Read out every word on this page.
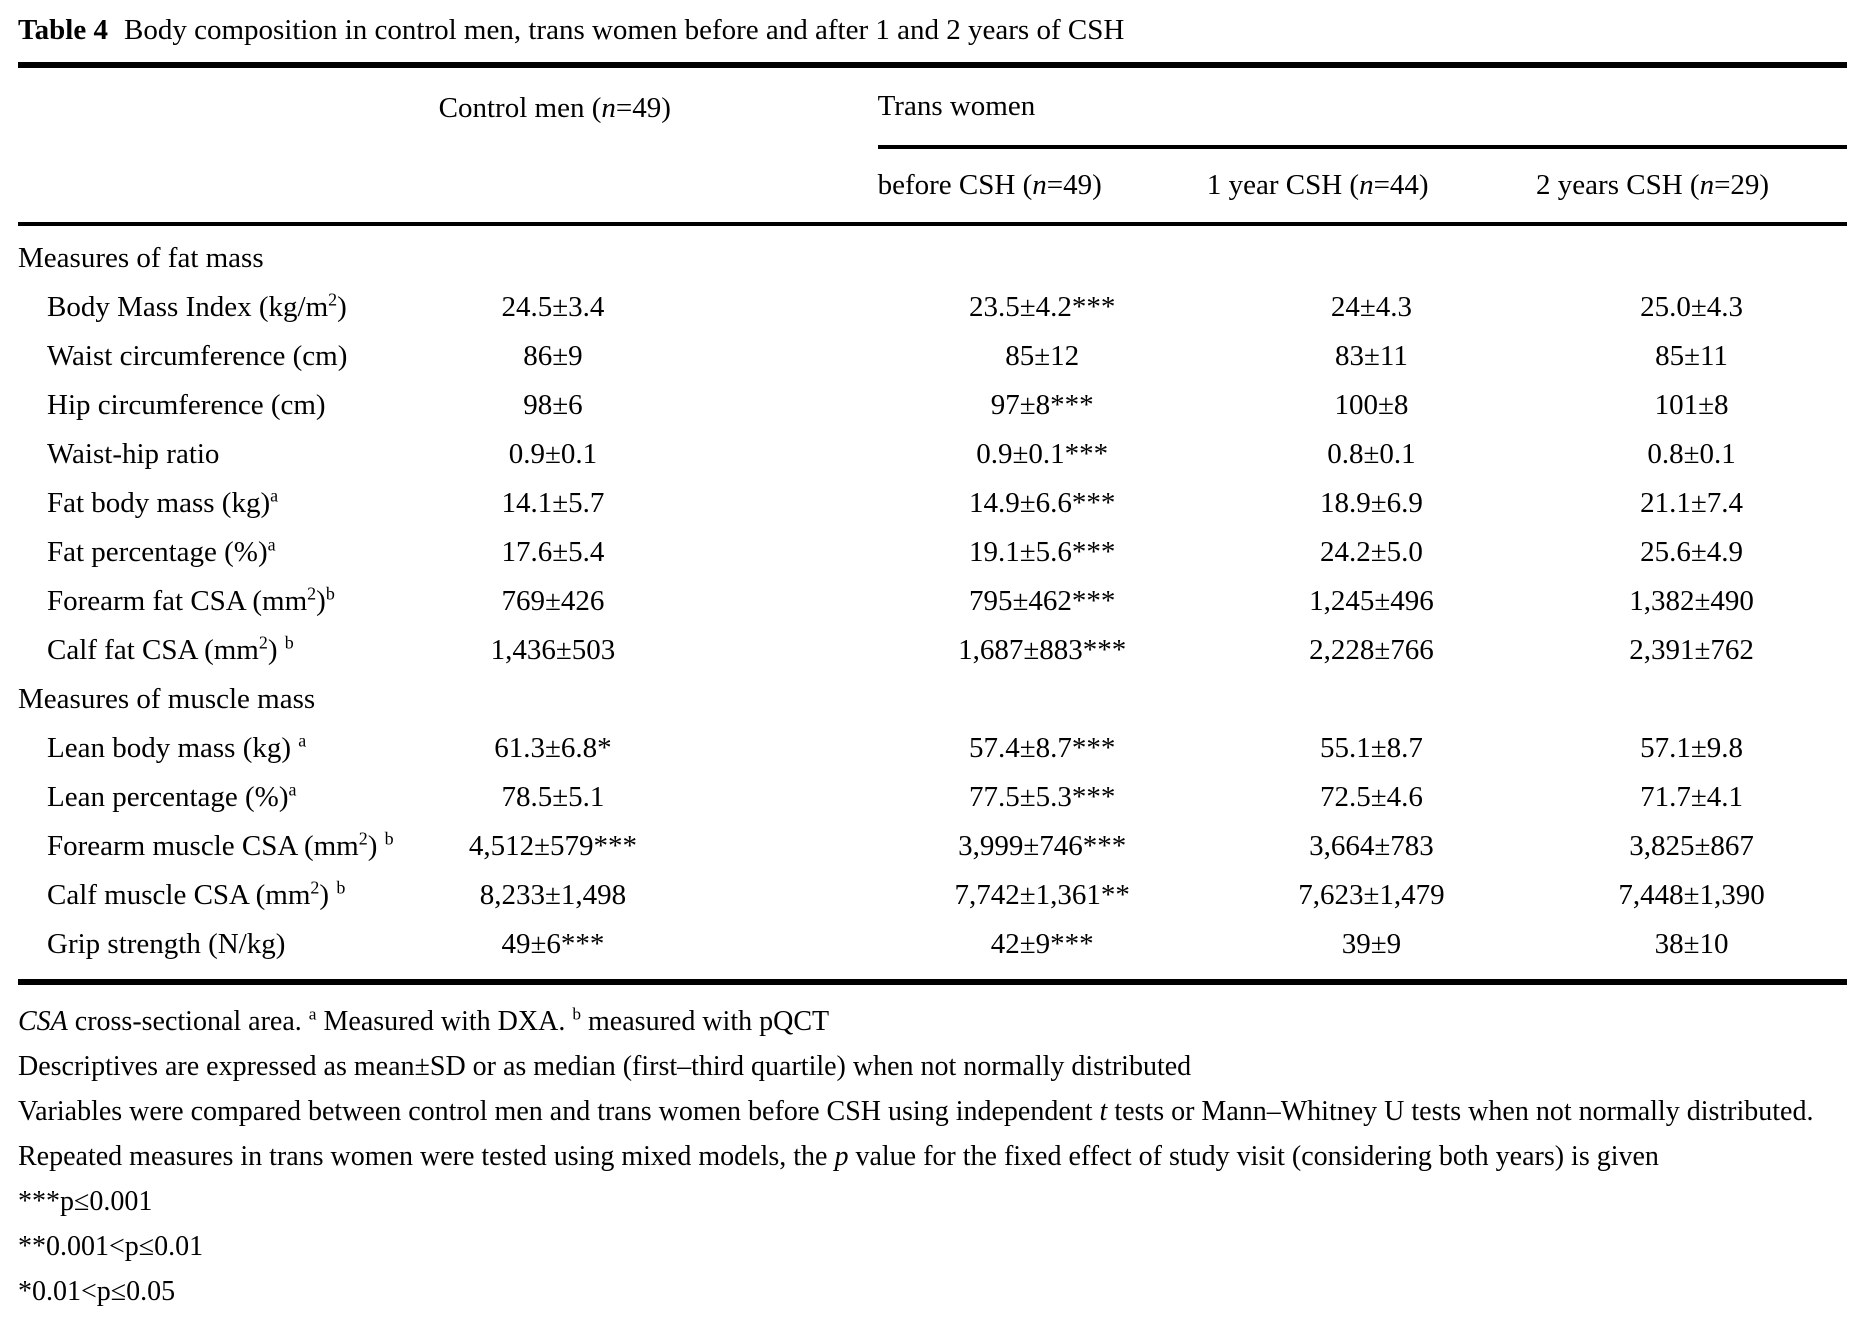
Table 4 Body composition in control men, trans women before and after 1 and 2 years of CSH
	Control men (n=49)		Trans women		
			before CSH (n=49)	1 year CSH (n=44)	2 years CSH (n=29)
Measures of fat mass					
Body Mass Index $(kg/m^2)$	24.5±3.4		23.5±4.2***	24±4.3	25.0±4.3
Waist circumference (cm)	86±9		85±12	83±11	85±11
Hip circumference (cm)	98±6		97±8***	100±8	101±8
Waist-hip ratio	0.9±0.1		0.9±0.1***	0.8±0.1	0.8±0.1
Fat body mass (kg)$^a$	14.1±5.7		14.9±6.6***	18.9±6.9	21.1±7.4
Fat percentage (%)$^a$	17.6±5.4		19.1±5.6***	24.2±5.0	25.6±4.9
Forearm fat CSA $(mm^2)^b$	769±426		795±462***	1,245±496	1,382±490
Calf fat CSA $(mm^2)$ $^b$	1,436±503		1,687±883***	2,228±766	2,391±762
Measures of muscle mass					
Lean body mass (kg) $^a$	61.3±6.8*		57.4±8.7***	55.1±8.7	57.1±9.8
Lean percentage (%)$^a$	78.5±5.1		77.5±5.3***	72.5±4.6	71.7±4.1
Forearm muscle CSA $(mm^2)$ $^b$	4,512±579***		3,999±746***	3,664±783	3,825±867
Calf muscle CSA $(mm^2)$ $^b$	8,233±1,498		7,742±1,361**	7,623±1,479	7,448±1,390
Grip strength (N/kg)	49±6***		42±9***	39±9	38±10

CSA cross-sectional area. $^a$ Measured with DXA. $^b$ measured with pQCT

Descriptives are expressed as mean±SD or as median (first–third quartile) when not normally distributed

Variables were compared between control men and trans women before CSH using independent t tests or Mann–Whitney U tests when not normally distributed. Repeated measures in trans women were tested using mixed models, the p value for the fixed effect of study visit (considering both years) is given

***p≤0.001

**0.001<p≤0.01

*0.01<p≤0.05
